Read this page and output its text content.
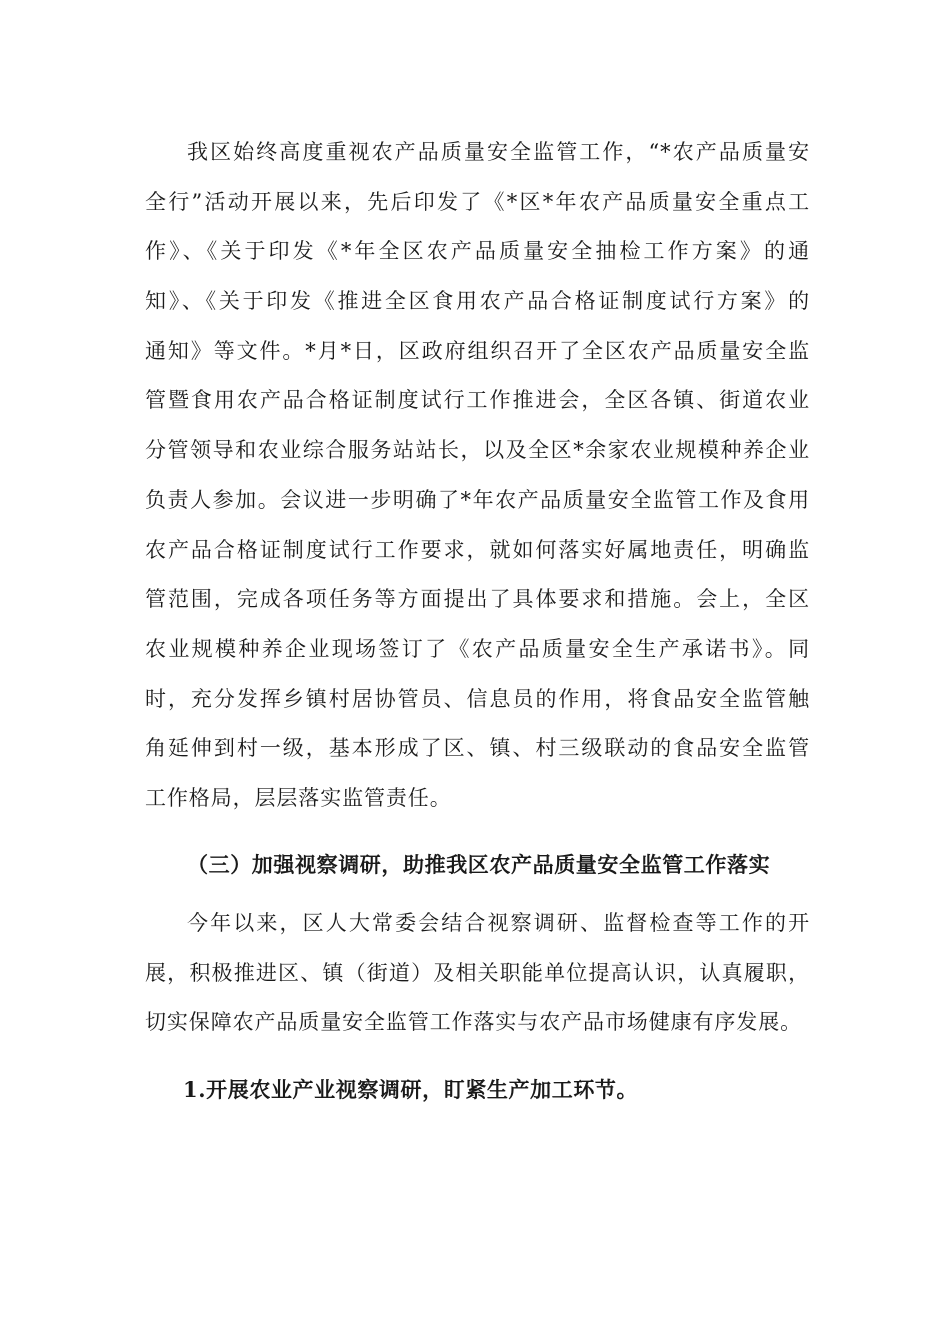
我区始终高度重视农产品质量安全监管工作，“*农产品质量安
全行”活动开展以来，先后印发了《*区*年农产品质量安全重点工
作》、《关于印发《*年全区农产品质量安全抽检工作方案》的通
知》、《关于印发《推进全区食用农产品合格证制度试行方案》的
通知》等文件。*月*日，区政府组织召开了全区农产品质量安全监
管暨食用农产品合格证制度试行工作推进会，全区各镇、街道农业
分管领导和农业综合服务站站长，以及全区*余家农业规模种养企业
负责人参加。会议进一步明确了*年农产品质量安全监管工作及食用
农产品合格证制度试行工作要求，就如何落实好属地责任，明确监
管范围，完成各项任务等方面提出了具体要求和措施。会上，全区
农业规模种养企业现场签订了《农产品质量安全生产承诺书》。同
时，充分发挥乡镇村居协管员、信息员的作用，将食品安全监管触
角延伸到村一级，基本形成了区、镇、村三级联动的食品安全监管
工作格局，层层落实监管责任。
（三）加强视察调研，助推我区农产品质量安全监管工作落实
今年以来，区人大常委会结合视察调研、监督检查等工作的开
展，积极推进区、镇（街道）及相关职能单位提高认识，认真履职，
切实保障农产品质量安全监管工作落实与农产品市场健康有序发展。
1.开展农业产业视察调研，盯紧生产加工环节。
